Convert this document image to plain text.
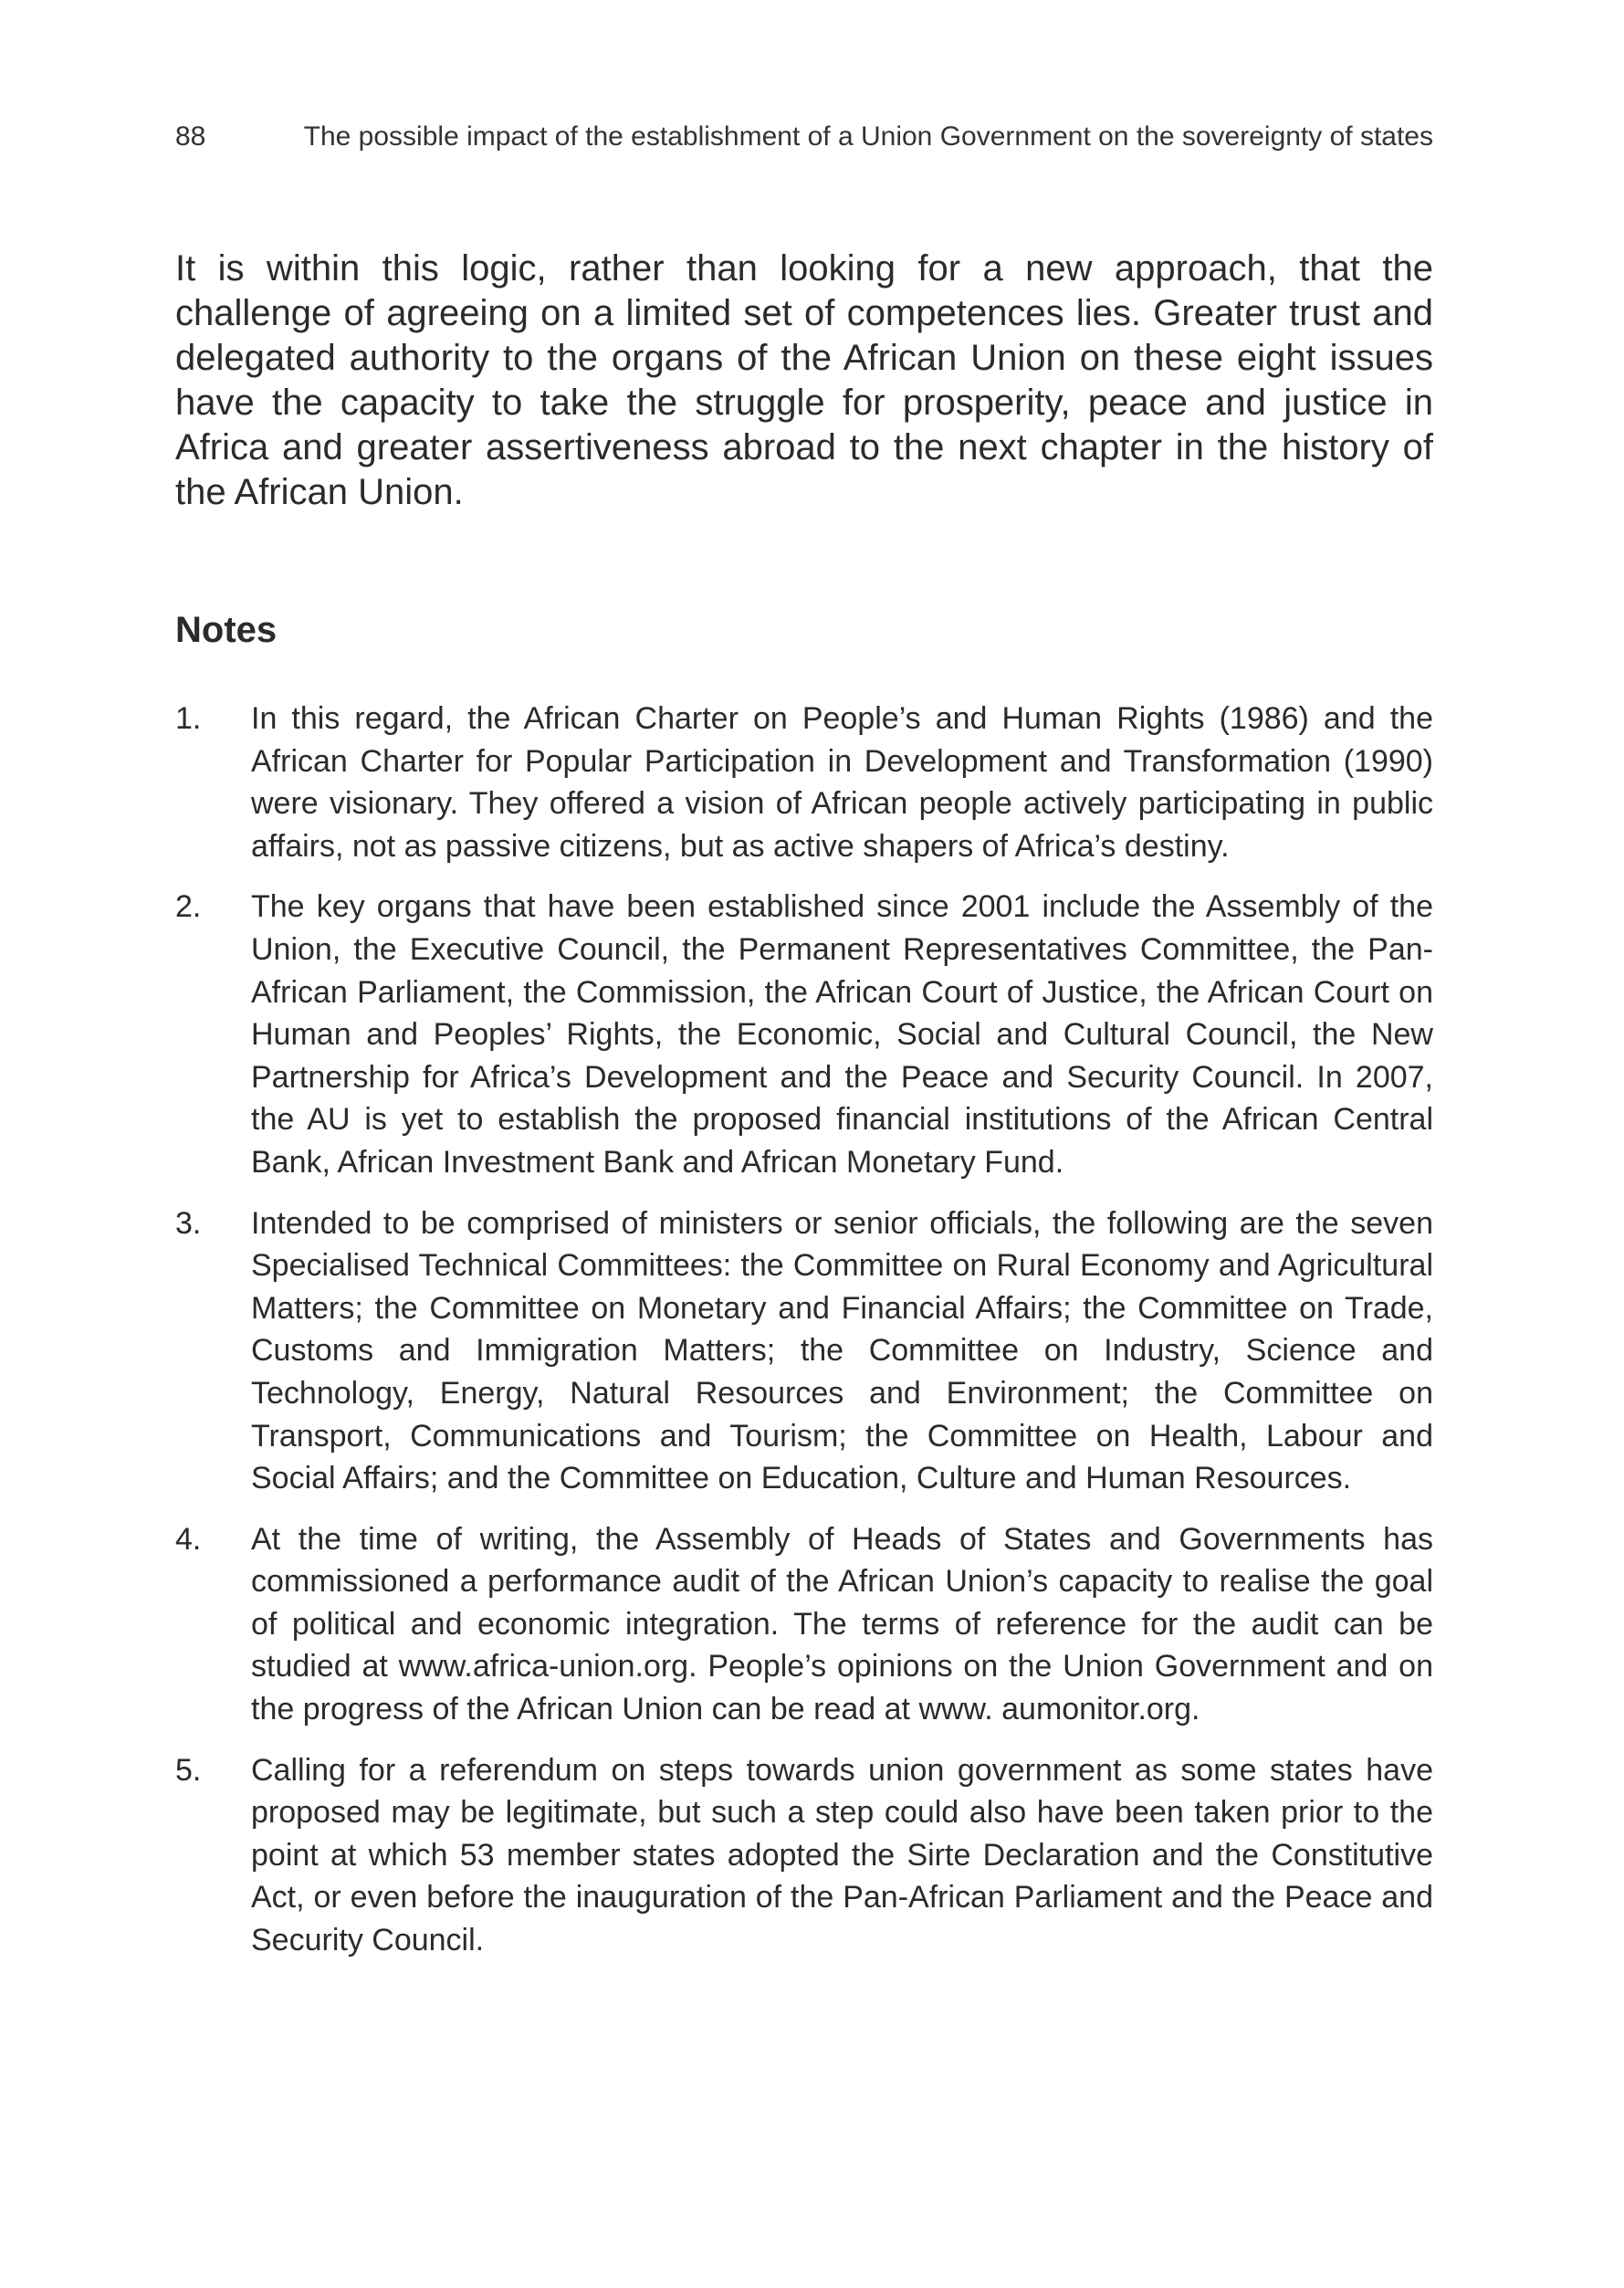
88	The possible impact of the establishment of a Union Government on the sovereignty of states

It is within this logic, rather than looking for a new approach, that the challenge of agreeing on a limited set of competences lies. Greater trust and delegated authority to the organs of the African Union on these eight issues have the capacity to take the struggle for prosperity, peace and justice in Africa and greater assertiveness abroad to the next chapter in the history of the African Union.

Notes
1. In this regard, the African Charter on People’s and Human Rights (1986) and the African Charter for Popular Participation in Development and Transformation (1990) were visionary. They offered a vision of African people actively participating in public affairs, not as passive citizens, but as active shapers of Africa’s destiny.
2. The key organs that have been established since 2001 include the Assembly of the Union, the Executive Council, the Permanent Representatives Committee, the Pan-African Parliament, the Commission, the African Court of Justice, the African Court on Human and Peoples’ Rights, the Economic, Social and Cultural Council, the New Partnership for Africa’s Development and the Peace and Security Council. In 2007, the AU is yet to establish the proposed financial institutions of the African Central Bank, African Investment Bank and African Monetary Fund.
3. Intended to be comprised of ministers or senior officials, the following are the seven Specialised Technical Committees: the Committee on Rural Economy and Agricultural Matters; the Committee on Monetary and Financial Affairs; the Committee on Trade, Customs and Immigration Matters; the Committee on Industry, Science and Technology, Energy, Natural Resources and Environment; the Committee on Transport, Communications and Tourism; the Committee on Health, Labour and Social Affairs; and the Committee on Education, Culture and Human Resources.
4. At the time of writing, the Assembly of Heads of States and Governments has commissioned a performance audit of the African Union’s capacity to realise the goal of political and economic integration. The terms of reference for the audit can be studied at www.africa-union.org. People’s opinions on the Union Government and on the progress of the African Union can be read at www. aumonitor.org.
5. Calling for a referendum on steps towards union government as some states have proposed may be legitimate, but such a step could also have been taken prior to the point at which 53 member states adopted the Sirte Declaration and the Constitutive Act, or even before the inauguration of the Pan-African Parliament and the Peace and Security Council.
